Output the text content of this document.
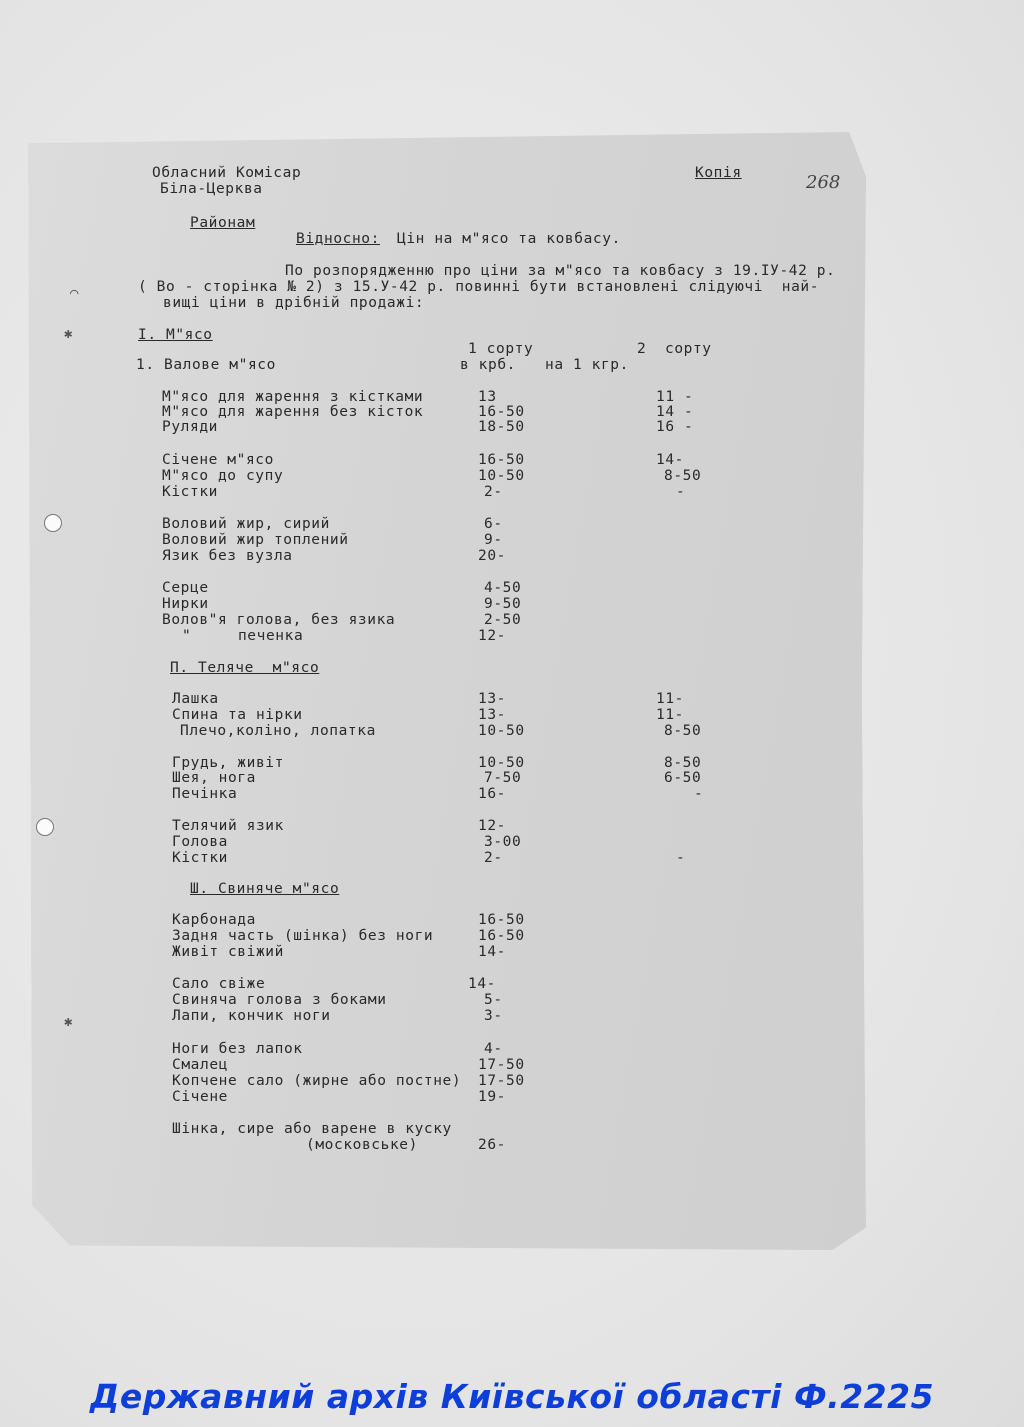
✱
✱
⌒
Обласний Комісар
Біла-Церква
Копія	268
Районам
Відносно: Цін на м"ясо та ковбасу.
По розпорядженню про ціни за м"ясо та ковбасу з 19.IУ-42 р.
( Во - сторінка № 2) з 15.У-42 р. повинні бути встановлені слідуючі  най-
вищі ціни в дрібній продажі:
I. М"ясо
1 сорту	2  сорту
1. Валове м"ясо	в крб. на 1 кгр.
П. Теляче  м"ясо
Ш. Свиняче м"ясо
М"ясо для жарення з кістками	13	11 -
М"ясо для жарення без кісток	16-50	14 -
Руляди	18-50	16 -
Січене м"ясо	16-50	14-
М"ясо до супу	10-50	8-50
Кістки	2-	-
Воловий жир, сирий	6-
Воловий жир топлений	9-
Язик без вузла	20-
Серце	4-50
Нирки	9-50
Волов"я голова, без язика	2-50
"     печенка	12-
Лашка	13-	11-
Спина та нірки	13-	11-
Плечо,коліно, лопатка	10-50	8-50
Грудь, живіт	10-50	8-50
Шея, нога	7-50	6-50
Печінка	16-	-
Телячий язик	12-
Голова	3-00
Кістки	2-	-
Карбонада	16-50
Задня часть (шінка) без ноги	16-50
Живіт свіжий	14-
Сало свіже	14-
Свиняча голова з боками	5-
Лапи, кончик ноги	3-
Ноги без лапок	4-
Смалец	17-50
Копчене сало (жирне або постне) 17-50
Січене	19-
Шінка, сире або варене в куску
(московське)	26-
Державний архів Київської області Ф.2225
